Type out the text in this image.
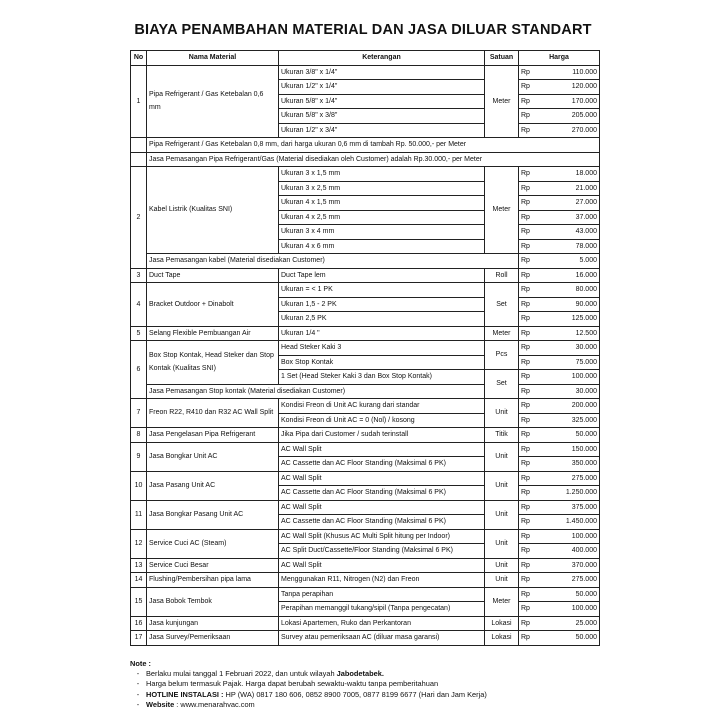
BIAYA PENAMBAHAN MATERIAL DAN JASA DILUAR STANDART
No	Nama Material	Keterangan	Satuan	Harga	
1	Pipa Refrigerant / Gas Ketebalan 0,6 mm	Ukuran 3/8" x 1/4"	Meter	Rp	110.000
		Ukuran 1/2" x 1/4"		Rp	120.000
		Ukuran 5/8" x 1/4"		Rp	170.000
		Ukuran 5/8" x 3/8"		Rp	205.000
		Ukuran 1/2" x 3/4"		Rp	270.000
	Pipa Refrigerant / Gas Ketebalan 0,8 mm, dari harga ukuran 0,6 mm di tambah Rp. 50.000,- per Meter				
	Jasa Pemasangan Pipa Refrigerant/Gas (Material disediakan oleh Customer) adalah Rp.30.000,- per Meter				
2	Kabel Listrik (Kualitas SNI)	Ukuran 3 x 1,5 mm	Meter	Rp	18.000
		Ukuran 3 x 2,5 mm		Rp	21.000
		Ukuran 4 x 1,5 mm		Rp	27.000
		Ukuran 4 x 2,5 mm		Rp	37.000
		Ukuran 3 x 4 mm		Rp	43.000
		Ukuran 4 x 6 mm		Rp	78.000
	Jasa Pemasangan kabel (Material disediakan Customer)			Rp	5.000
3	Duct Tape	Duct Tape lem	Roll	Rp	16.000
4	Bracket Outdoor + Dinabolt	Ukuran = < 1 PK	Set	Rp	80.000
		Ukuran 1,5 - 2 PK		Rp	90.000
		Ukuran 2,5 PK		Rp	125.000
5	Selang Flexible Pembuangan Air	Ukuran 1/4 "	Meter	Rp	12.500
6	Box Stop Kontak, Head Steker dan Stop Kontak (Kualitas SNI)	Head Steker Kaki 3	Pcs	Rp	30.000
		Box Stop Kontak		Rp	75.000
		1 Set (Head Steker Kaki 3 dan Box Stop Kontak)	Set	Rp	100.000
	Jasa Pemasangan Stop kontak (Material disediakan Customer)			Rp	30.000
7	Freon R22, R410 dan R32 AC Wall Split	Kondisi Freon di Unit AC kurang dari standar	Unit	Rp	200.000
		Kondisi Freon di Unit AC = 0 (Nol) / kosong		Rp	325.000
8	Jasa Pengelasan Pipa Refrigerant	Jika Pipa dari Customer / sudah terinstall	Titik	Rp	50.000
9	Jasa Bongkar Unit AC	AC Wall Split	Unit	Rp	150.000
		AC Cassette dan AC Floor Standing (Maksimal 6 PK)		Rp	350.000
10	Jasa Pasang Unit AC	AC Wall Split	Unit	Rp	275.000
		AC Cassette dan AC Floor Standing (Maksimal 6 PK)		Rp	1.250.000
11	Jasa Bongkar Pasang Unit AC	AC Wall Split	Unit	Rp	375.000
		AC Cassette dan AC Floor Standing (Maksimal 6 PK)		Rp	1.450.000
12	Service Cuci AC (Steam)	AC Wall Split (Khusus AC Multi Split hitung per Indoor)	Unit	Rp	100.000
		AC Split Duct/Cassette/Floor Standing (Maksimal 6 PK)		Rp	400.000
13	Service Cuci Besar	AC Wall Split	Unit	Rp	370.000
14	Flushing/Pembersihan pipa lama	Menggunakan R11, Nitrogen (N2) dan Freon	Unit	Rp	275.000
15	Jasa Bobok Tembok	Tanpa perapihan	Meter	Rp	50.000
		Perapihan memanggil tukang/sipil (Tanpa pengecatan)		Rp	100.000
16	Jasa kunjungan	Lokasi Apartemen, Ruko dan Perkantoran	Lokasi	Rp	25.000
17	Jasa Survey/Pemeriksaan	Survey atau pemeriksaan AC (diluar masa garansi)	Lokasi	Rp	50.000
Note :
- Berlaku mulai tanggal 1 Februari 2022, dan untuk wilayah Jabodetabek.
- Harga belum termasuk Pajak. Harga dapat berubah sewaktu-waktu tanpa pemberitahuan
- HOTLINE INSTALASI : HP (WA) 0817 180 606, 0852 8900 7005, 0877 8199 6677 (Hari dan Jam Kerja)
- Website : www.menarahvac.com
